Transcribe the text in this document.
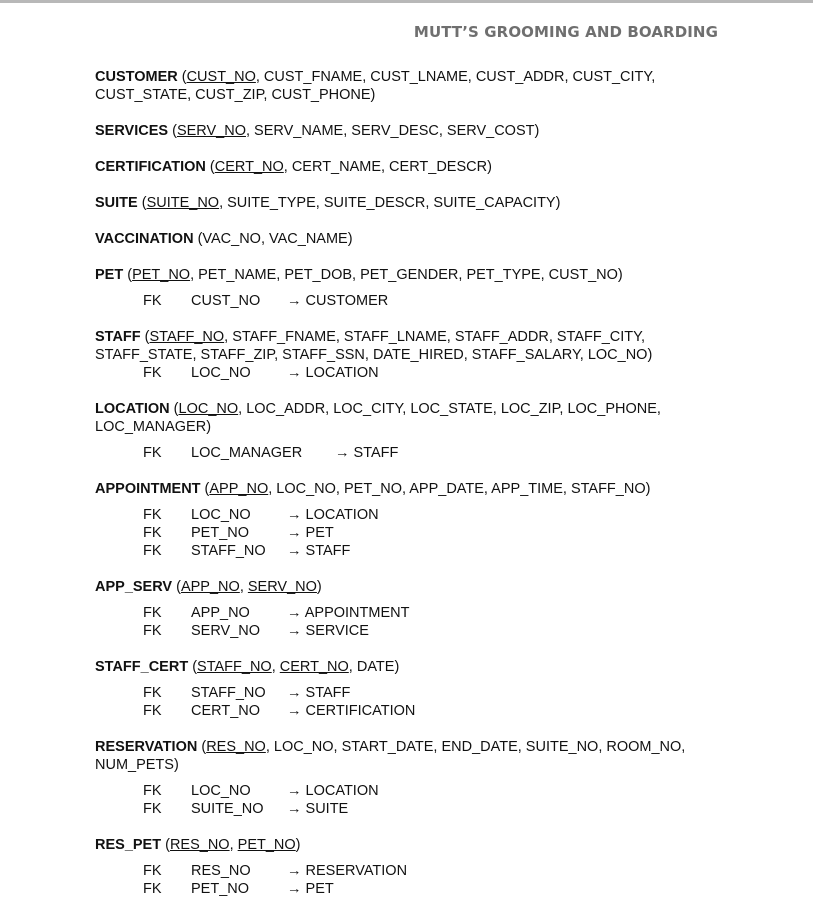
MUTT’S GROOMING AND BOARDING
CUSTOMER (CUST_NO, CUST_FNAME, CUST_LNAME, CUST_ADDR, CUST_CITY,
CUST_STATE, CUST_ZIP, CUST_PHONE)
SERVICES (SERV_NO, SERV_NAME, SERV_DESC, SERV_COST)
CERTIFICATION (CERT_NO, CERT_NAME, CERT_DESCR)
SUITE (SUITE_NO, SUITE_TYPE, SUITE_DESCR, SUITE_CAPACITY)
VACCINATION (VAC_NO, VAC_NAME)
PET (PET_NO, PET_NAME, PET_DOB, PET_GENDER, PET_TYPE, CUST_NO)
FK	CUST_NO	→ CUSTOMER
STAFF (STAFF_NO, STAFF_FNAME, STAFF_LNAME, STAFF_ADDR, STAFF_CITY,
STAFF_STATE, STAFF_ZIP, STAFF_SSN, DATE_HIRED, STAFF_SALARY, LOC_NO)
FK	LOC_NO	→ LOCATION
LOCATION (LOC_NO, LOC_ADDR, LOC_CITY, LOC_STATE, LOC_ZIP, LOC_PHONE,
LOC_MANAGER)
FK	LOC_MANAGER	→ STAFF
APPOINTMENT (APP_NO, LOC_NO, PET_NO, APP_DATE, APP_TIME, STAFF_NO)
FK	LOC_NO	→ LOCATION
FK	PET_NO	→ PET
FK	STAFF_NO	→ STAFF
APP_SERV (APP_NO, SERV_NO)
FK	APP_NO	→ APPOINTMENT
FK	SERV_NO	→ SERVICE
STAFF_CERT (STAFF_NO, CERT_NO, DATE)
FK	STAFF_NO	→ STAFF
FK	CERT_NO	→ CERTIFICATION
RESERVATION (RES_NO, LOC_NO, START_DATE, END_DATE, SUITE_NO, ROOM_NO,
NUM_PETS)
FK	LOC_NO	→ LOCATION
FK	SUITE_NO	→ SUITE
RES_PET (RES_NO, PET_NO)
FK	RES_NO	→ RESERVATION
FK	PET_NO	→ PET
